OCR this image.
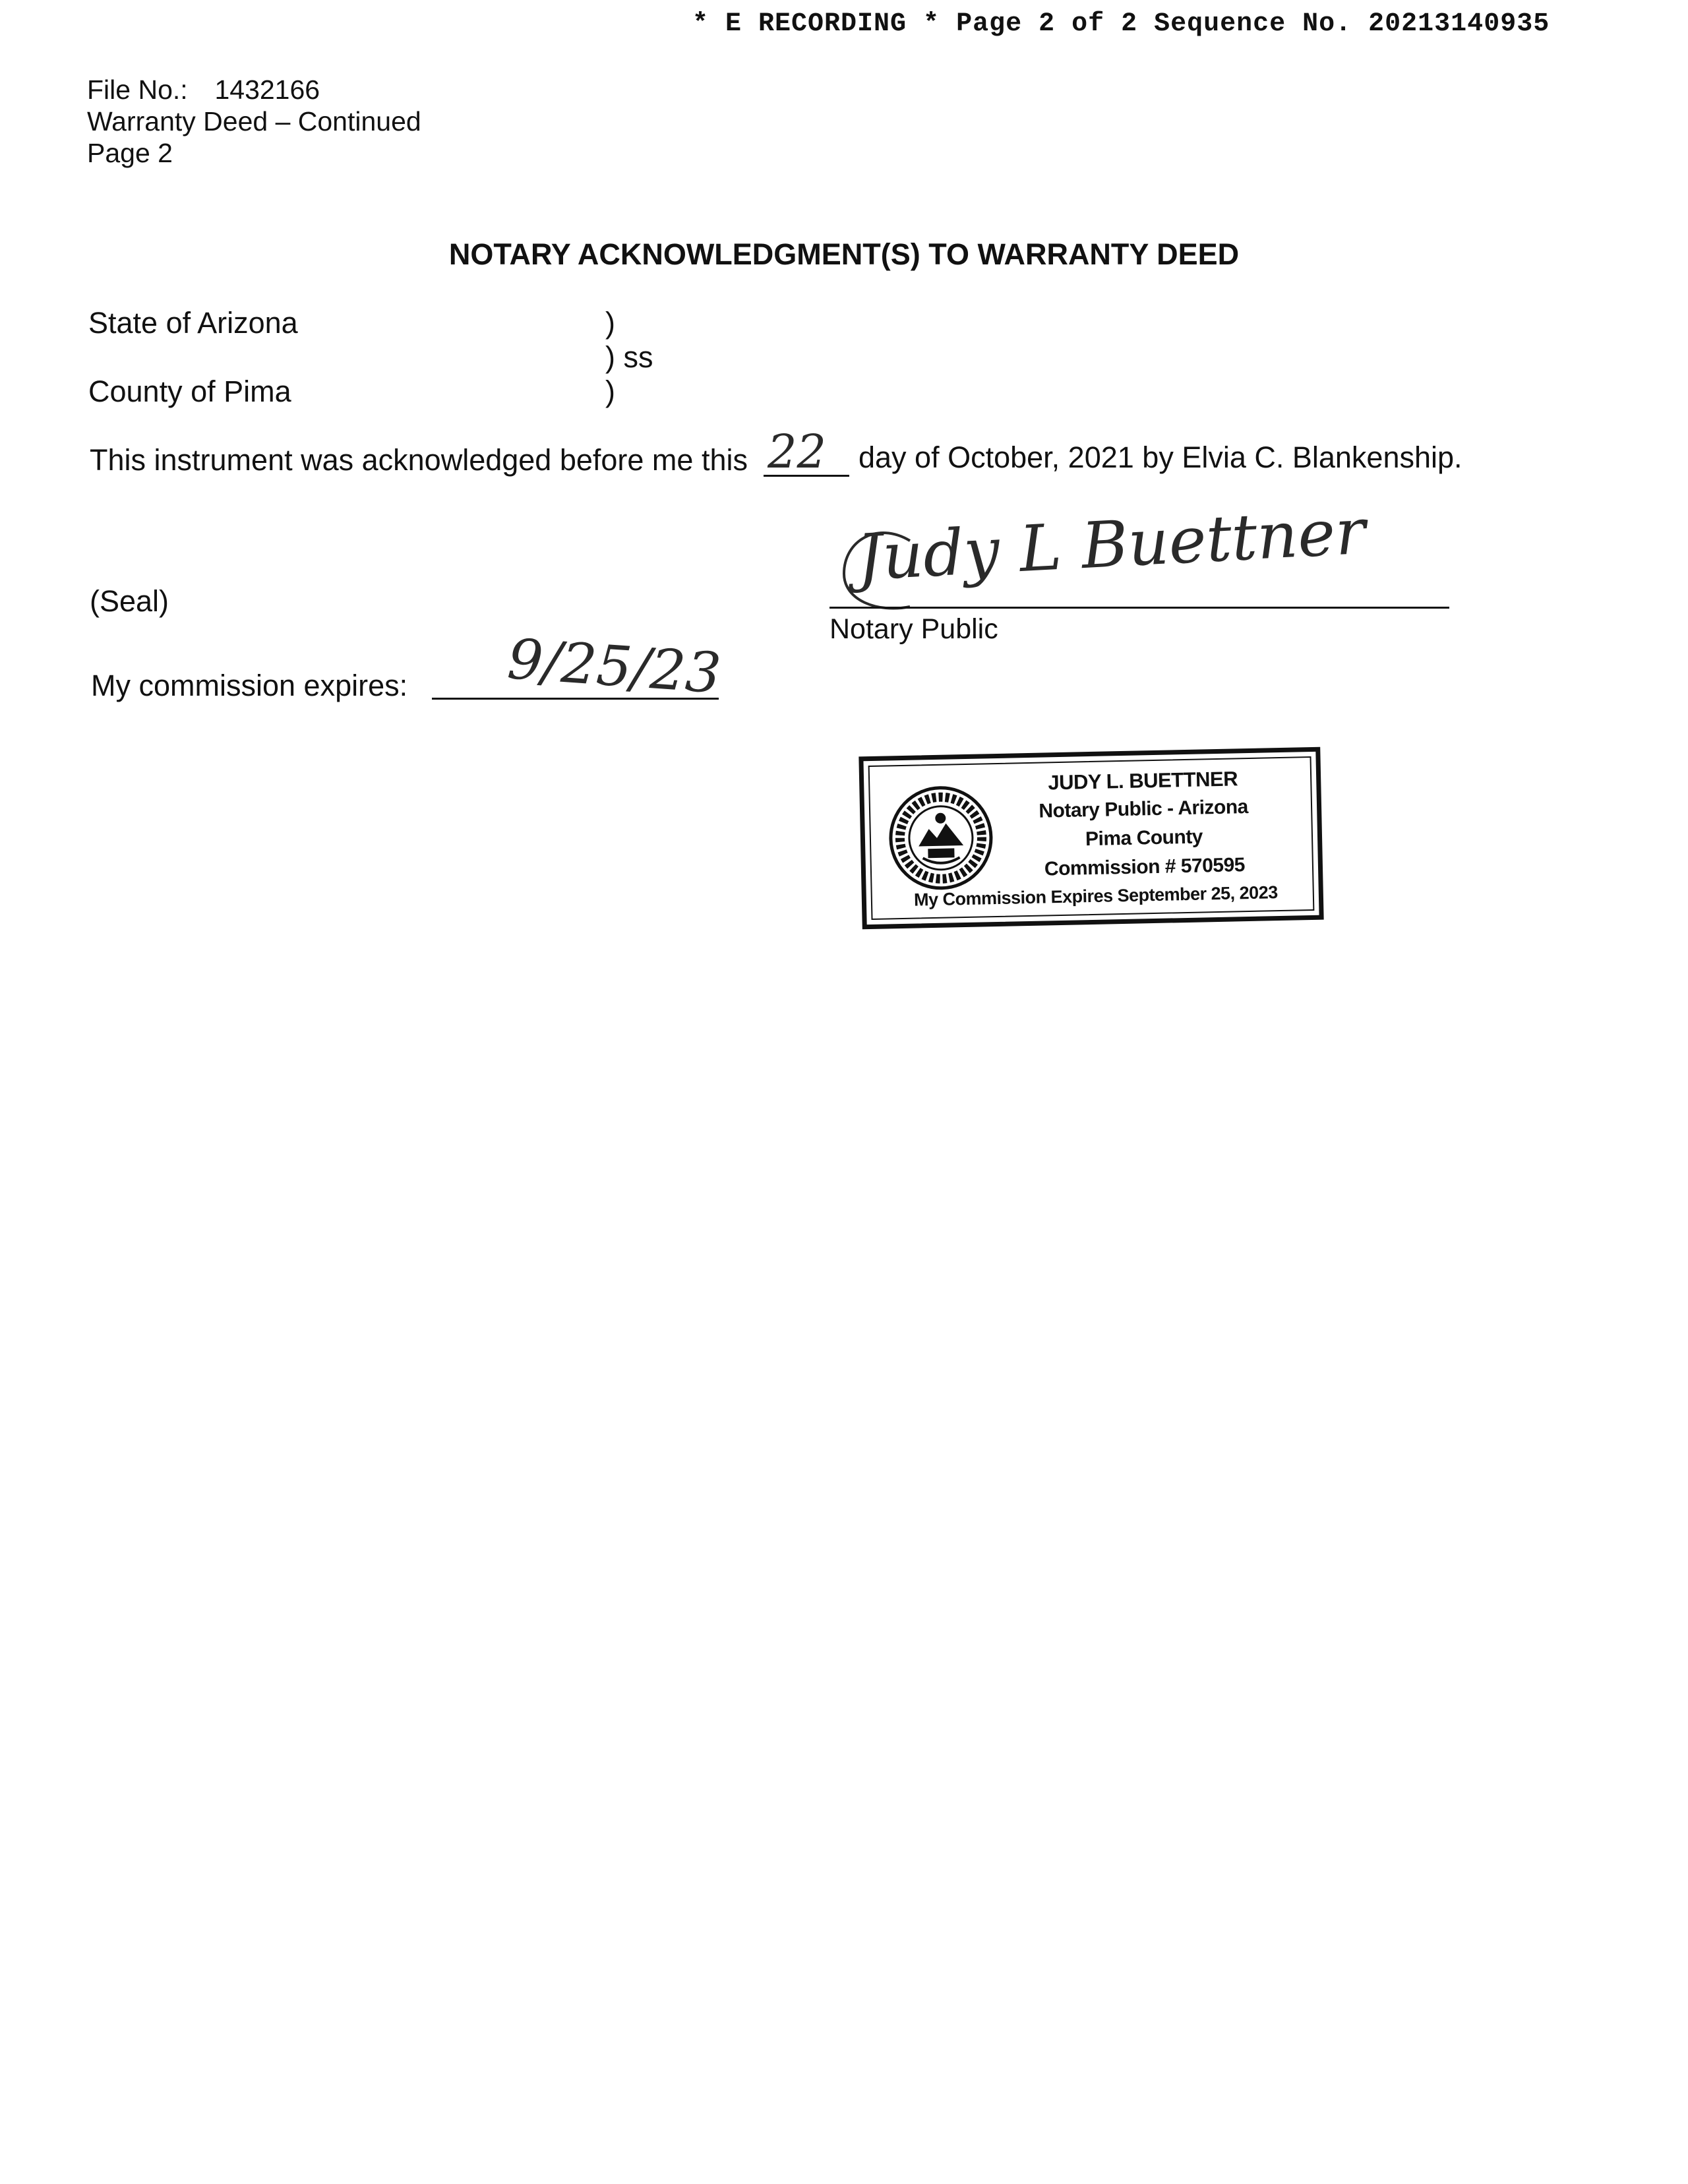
* E RECORDING * Page 2 of 2 Sequence No. 20213140935
File No.: 1432166
Warranty Deed – Continued
Page 2
NOTARY ACKNOWLEDGMENT(S) TO WARRANTY DEED
State of Arizona
County of Pima
)
) ss
)
This instrument was acknowledged before me this 22 day of October, 2021 by Elvia C. Blankenship.
(Seal)
Judy L Buettner
Notary Public
My commission expires: 9/25/23
JUDY L. BUETTNER
Notary Public - Arizona
Pima County
Commission # 570595
My Commission Expires September 25, 2023
